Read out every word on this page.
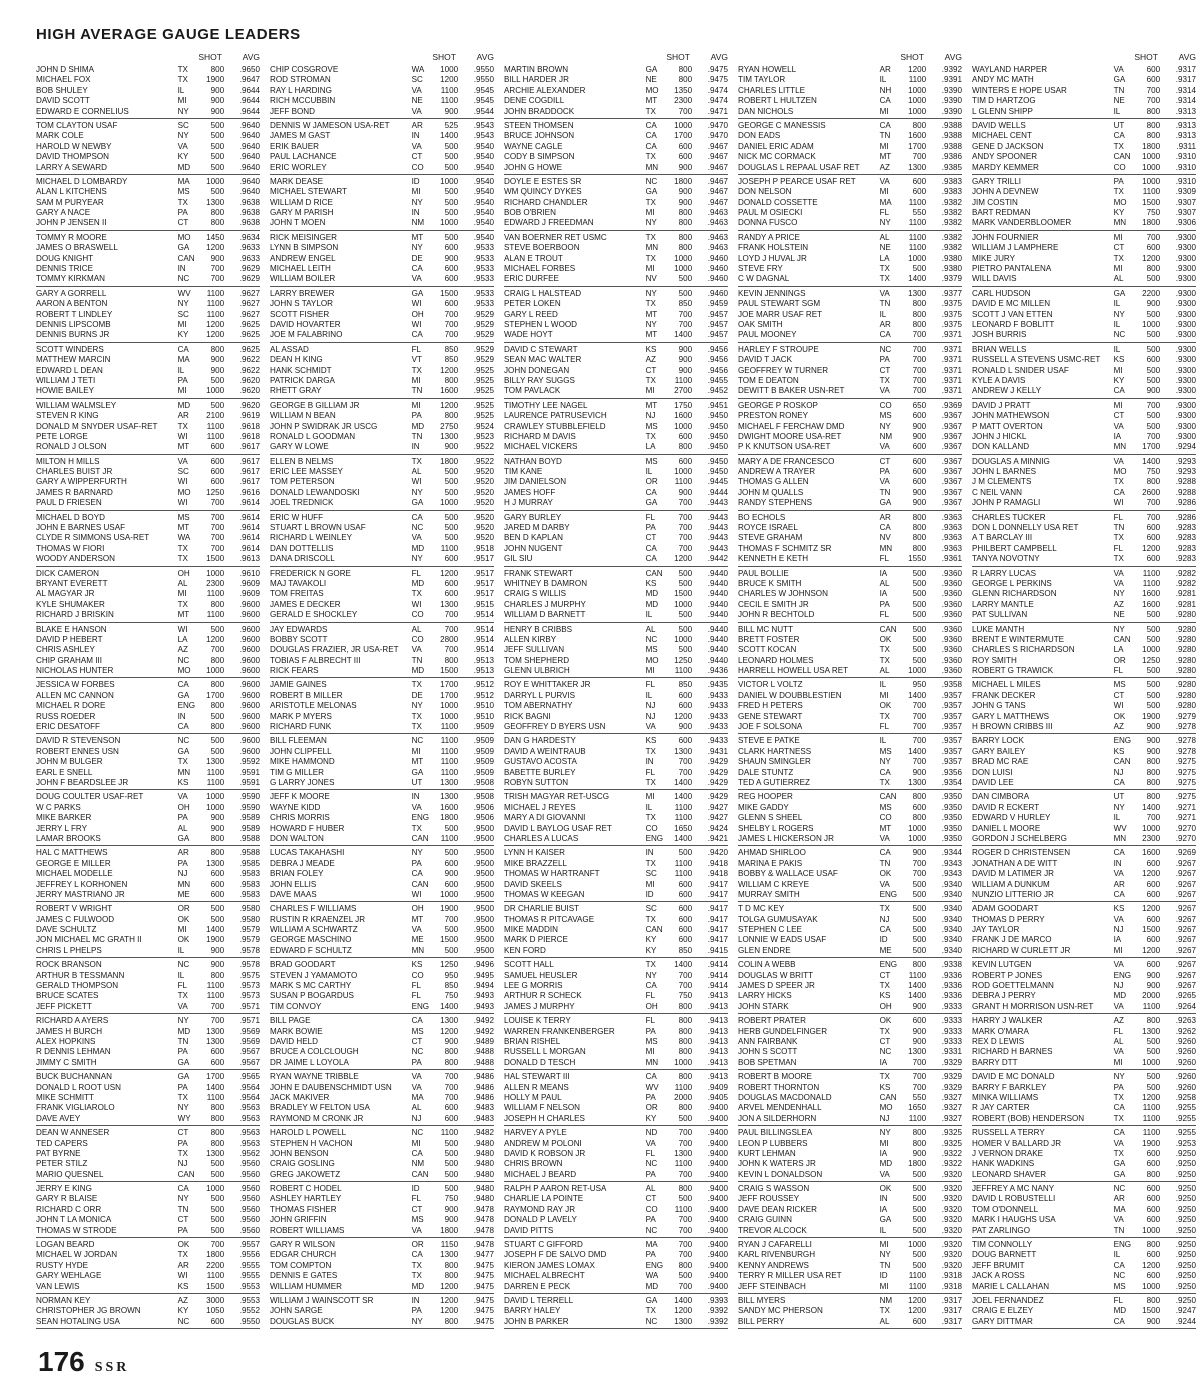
HIGH AVERAGE GAUGE LEADERS
SHOT	AVG
JOHN D SHIMA	TX	800	.9650
MICHAEL FOX	TX	1900	.9647
BOB SHULEY	IL	900	.9644
DAVID SCOTT	MI	900	.9644
EDWARD E CORNELIUS	NY	900	.9644
TOM CLAYTON USAF	SC	500	.9640
MARK COLE	NY	500	.9640
HAROLD W NEWBY	VA	500	.9640
DAVID THOMPSON	KY	500	.9640
LARRY A SEWARD	MD	500	.9640
MICHAEL D LOMBARDY	MA	1000	.9640
ALAN L KITCHENS	MS	500	.9640
SAM M PURYEAR	TX	1300	.9638
GARY A NACE	PA	800	.9638
JOHN P JENSEN II	CT	800	.9638
TOMMY R MOORE	MO	1450	.9634
JAMES O BRASWELL	GA	1200	.9633
DOUG KNIGHT	CAN	900	.9633
DENNIS TRICE	IN	700	.9629
TOMMY KIRKMAN	NC	700	.9629
GARY A GORRELL	WV	1100	.9627
AARON A BENTON	NY	1100	.9627
ROBERT T LINDLEY	SC	1100	.9627
DENNIS LIPSCOMB	MI	1200	.9625
DENNIS BURNS JR	KY	1200	.9625
SCOTT WINDERS	CA	800	.9625
MATTHEW MARCIN	MA	900	.9622
EDWARD L DEAN	IL	900	.9622
WILLIAM J TETI	PA	500	.9620
HOWIE BAILEY	MI	1000	.9620
WILLIAM WALMSLEY	MD	500	.9620
STEVEN R KING	AR	2100	.9619
DONALD M SNYDER USAF-RET	TX	1100	.9618
PETE LORGE	WI	1100	.9618
RONALD J OLSON	MT	600	.9617
MILTON H MILLS	VA	600	.9617
CHARLES BUIST JR	SC	600	.9617
GARY A WIPPERFURTH	WI	600	.9617
JAMES R BARNARD	MO	1250	.9616
PAUL D FRIESEN	WI	700	.9614
MICHAEL D BOYD	MS	700	.9614
JOHN E BARNES USAF	MT	700	.9614
CLYDE R SIMMONS USA-RET	WA	700	.9614
THOMAS W FIORI	TX	700	.9614
WOODY ANDERSON	TX	1500	.9613
DICK CAMERON	OH	1000	.9610
BRYANT EVERETT	AL	2300	.9609
AL MAGYAR JR	MI	1100	.9609
KYLE SHUMAKER	TX	800	.9600
RICHARD J BRISKIN	MT	1100	.9600
BLAKE E HANSON	WI	500	.9600
DAVID P HEBERT	LA	1200	.9600
CHRIS ASHLEY	AZ	700	.9600
CHIP GRAHAM III	NC	800	.9600
NICHOLAS HUNTER	MO	1000	.9600
JESSICA W FORBES	CA	800	.9600
ALLEN MC CANNON	GA	1700	.9600
MICHAEL R DORE	ENG	800	.9600
RUSS ROEDER	IN	500	.9600
ERIC DESATOFF	CA	800	.9600
DAVID R STEVENSON	NC	500	.9600
ROBERT ENNES USN	GA	500	.9600
JOHN M BULGER	TX	1300	.9592
EARL E SNELL	MN	1100	.9591
JOHN F BEARDSLEE JR	KS	1100	.9591
DOUG COULTER USAF-RET	VA	1000	.9590
W C PARKS	OH	1000	.9590
MIKE BARKER	PA	900	.9589
JERRY L FRY	AL	900	.9589
LAMAR BROOKS	GA	800	.9588
HAL C MATTHEWS	AR	800	.9588
GEORGE E MILLER	PA	1300	.9585
MICHAEL MODELLE	NJ	600	.9583
JEFFREY L KORHONEN	MN	600	.9583
JERRY MASTRIANO JR	ME	600	.9583
ROBERT V WRIGHT	OR	500	.9580
JAMES C FULWOOD	OK	500	.9580
DAVE SCHULTZ	MI	1400	.9579
JON MICHAEL MC GRATH II	OK	1900	.9579
CHRIS L PHELPS	IL	900	.9578
ROCK BRANSON	NC	900	.9578
ARTHUR B TESSMANN	IL	800	.9575
GERALD THOMPSON	FL	1100	.9573
BRUCE SCATES	TX	1100	.9573
JEFF PICKETT	VA	700	.9571
RICHARD A AYERS	NY	700	.9571
JAMES H BURCH	MD	1300	.9569
ALEX HOPKINS	TN	1300	.9569
R DENNIS LEHMAN	PA	600	.9567
JIMMY C SMITH	GA	600	.9567
BUCK BUCHANNAN	GA	1700	.9565
DONALD L ROOT USN	PA	1400	.9564
MIKE SCHMITT	TX	1100	.9564
FRANK VIGLIAROLO	NY	800	.9563
DAVE AVEY	WY	800	.9563
DEAN W ANNESER	CT	800	.9563
TED CAPERS	PA	800	.9563
PAT BYRNE	TX	1300	.9562
PETER STILZ	NJ	500	.9560
MARIO QUESNEL	CAN	500	.9560
JERRY E KING	CA	1000	.9560
GARY R BLAISE	NY	500	.9560
RICHARD C ORR	TN	500	.9560
JOHN T LA MONICA	CT	500	.9560
THOMAS W STRODE	PA	500	.9560
LOGAN BEARD	OK	700	.9557
MICHAEL W JORDAN	TX	1800	.9556
RUSTY HYDE	AR	2200	.9555
GARY WEHLAGE	WI	1100	.9555
VAN LEWIS	KS	1500	.9553
NORMAN KEY	AZ	3000	.9553
CHRISTOPHER JG BROWN	KY	1050	.9552
SEAN HOTALING USA	NC	600	.9550
SHOT	AVG
CHIP COSGROVE	WA	1000	.9550
ROD STROMAN	SC	1200	.9550
RAY L HARDING	VA	1100	.9545
RICH MCCUBBIN	NE	1100	.9545
JEFF BOND	VA	900	.9544
DENNIS W JAMESON USA-RET	AR	525	.9543
JAMES M GAST	IN	1400	.9543
ERIK BAUER	VA	500	.9540
PAUL LACHANCE	CT	500	.9540
ERIC WORLEY	CO	500	.9540
MARK DEASE	ID	1000	.9540
MICHAEL STEWART	MI	500	.9540
WILLIAM D RICE	NY	500	.9540
GARY M PARISH	IN	500	.9540
JOHN T MOEN	NM	1000	.9540
RICK MEISINGER	MT	500	.9540
LYNN B SIMPSON	NY	600	.9533
ANDREW ENGEL	DE	900	.9533
MICHAEL LEITH	CA	600	.9533
WILLIAM BOILER	VA	600	.9533
LARRY BREWER	GA	1500	.9533
JOHN S TAYLOR	WI	600	.9533
SCOTT FISHER	OH	700	.9529
DAVID HOVARTER	WI	700	.9529
JOE M FALABRINO	CA	700	.9529
AL ASSAD	FL	850	.9529
DEAN H KING	VT	850	.9529
HANK SCHMIDT	TX	1200	.9525
PATRICK DARGA	MI	800	.9525
RHETT GRAY	TN	1600	.9525
GEORGE B GILLIAM JR	MI	1200	.9525
WILLIAM N BEAN	PA	800	.9525
JOHN P SWIDRAK JR USCG	MD	2750	.9524
RONALD L GOODMAN	TN	1300	.9523
GARY W LOWE	IN	900	.9522
ELLEN B NELMS	TX	1800	.9522
ERIC LEE MASSEY	AL	500	.9520
TOM PETERSON	WI	500	.9520
DONALD LEWANDOSKI	NY	500	.9520
JOEL TREDNICK	GA	1000	.9520
ERIC W HUFF	CA	500	.9520
STUART L BROWN USAF	NC	500	.9520
RICHARD L WEINLEY	VA	500	.9520
DAN DOTTELLIS	MD	1100	.9518
DANA DRISCOLL	NY	600	.9517
FREDERICK N GORE	FL	1200	.9517
MAJ TAVAKOLI	MD	600	.9517
TOM FREITAS	TX	600	.9517
JAMES E DECKER	WI	1300	.9515
GERALD E SHOCKLEY	CO	700	.9514
JAY EDWARDS	AL	700	.9514
BOBBY SCOTT	CO	2800	.9514
DOUGLAS FRAZIER, JR USA-RET	VA	700	.9514
TOBIAS F ALBRECHT III	TN	800	.9513
RICK FEARS	MD	1500	.9513
JAMIE GAINES	TX	1700	.9512
ROBERT B MILLER	DE	1700	.9512
ARISTOTLE MELONAS	NY	1000	.9510
MARK P MYERS	TX	1000	.9510
RICHARD FUNK	TX	1100	.9509
BILL FLEEMAN	NC	1100	.9509
JOHN CLIPFELL	MI	1100	.9509
MIKE HAMMOND	MT	1100	.9509
TIM G MILLER	GA	1100	.9509
G LARRY JONES	UT	1300	.9508
JEFF K MOORE	IN	1300	.9508
WAYNE KIDD	VA	1600	.9506
CHRIS MORRIS	ENG	1800	.9506
HOWARD F HUBER	TX	500	.9500
DON WALTON	CAN	1100	.9500
LUCAS TAKAHASHI	NY	500	.9500
DEBRA J MEADE	PA	600	.9500
BRIAN FOLEY	CA	900	.9500
JOHN ELLIS	CAN	600	.9500
DAVE MAAS	WI	1000	.9500
CHARLES F WILLIAMS	OH	1900	.9500
RUSTIN R KRAENZEL JR	MT	700	.9500
WILLIAM A SCHWARTZ	VA	500	.9500
GEORGE MASCHINO	ME	1500	.9500
EDWARD F SCHULTZ	MN	500	.9500
BRAD GOODART	KS	1250	.9496
STEVEN J YAMAMOTO	CO	950	.9495
MARK S MC CARTHY	FL	850	.9494
SUSAN P BOGARDUS	FL	750	.9493
TIM CONVOY	ENG	1400	.9493
BILL PAGE	CA	1300	.9492
MARK BOWIE	MS	1200	.9492
DAVID HELD	CT	900	.9489
BRUCE A COLCLOUGH	NC	800	.9488
DR JAIME L LOYOLA	PA	800	.9488
RYAN WAYNE TRIBBLE	VA	700	.9486
JOHN E DAUBENSCHMIDT USN	VA	700	.9486
JACK MAKIVER	MA	700	.9486
BRADLEY W FELTON USA	AL	600	.9483
RAYMOND M CRONK JR	NJ	600	.9483
HAROLD L POWELL	NC	1100	.9482
STEPHEN H VACHON	MI	500	.9480
JOHN BENSON	CA	500	.9480
CRAIG GOSLING	NM	500	.9480
GREG JAKOWETZ	CAN	500	.9480
ROBERT C HODEL	ID	500	.9480
ASHLEY HARTLEY	FL	750	.9480
THOMAS FISHER	CT	900	.9478
JOHN GRIFFIN	MS	900	.9478
ROBERT WILLIAMS	VA	1800	.9478
GARY R WILSON	OR	1150	.9478
EDGAR CHURCH	CA	1300	.9477
TOM COMPTON	TX	800	.9475
DENNIS E GATES	TX	800	.9475
WILLIAM HUMMER	MD	1200	.9475
WILLIAM J WAINSCOTT SR	IN	1200	.9475
JOHN SARGE	PA	1200	.9475
DOUGLAS BUCK	NY	800	.9475
SHOT	AVG
MARTIN BROWN	GA	800	.9475
BILL HARDER JR	NE	800	.9475
ARCHIE ALEXANDER	MO	1350	.9474
DENE COGDILL	MT	2300	.9474
JOHN BRADDOCK	TX	700	.9471
STEEN THOMSEN	CA	1000	.9470
BRUCE JOHNSON	CA	1700	.9470
WAYNE CAGLE	CA	600	.9467
CODY B SIMPSON	TX	600	.9467
JOHN G HOWE	MN	900	.9467
DOYLE E ESTES SR	NC	1800	.9467
WM QUINCY DYKES	GA	900	.9467
RICHARD CHANDLER	TX	900	.9467
BOB O'BRIEN	MI	800	.9463
EDWARD J FREEDMAN	NY	800	.9463
VAN BOERNER RET USMC	TX	800	.9463
STEVE BOERBOON	MN	800	.9463
ALAN E TROUT	TX	1000	.9460
MICHAEL FORBES	MI	1000	.9460
ERIC DURFEE	NV	500	.9460
CRAIG L HALSTEAD	NY	500	.9460
PETER LOKEN	TX	850	.9459
GARY L REED	MT	700	.9457
STEPHEN L WOOD	NY	700	.9457
WADE HOYT	MT	1400	.9457
DAVID C STEWART	KS	900	.9456
SEAN MAC WALTER	AZ	900	.9456
JOHN DONEGAN	CT	900	.9456
BILLY RAY SUGGS	TX	1100	.9455
TOM PAVLACK	MI	2700	.9452
TIMOTHY LEE NAGEL	MT	1750	.9451
LAURENCE PATRUSEVICH	NJ	1600	.9450
CRAWLEY STUBBLEFIELD	MS	1000	.9450
RICHARD M DAVIS	TX	600	.9450
MICHAEL VICKERS	LA	800	.9450
NATHAN BOYD	MS	600	.9450
TIM KANE	IL	1000	.9450
JIM DANIELSON	OR	1100	.9445
JAMES HOFF	CA	900	.9444
H J MURRAY	GA	700	.9443
GARY BURLEY	FL	700	.9443
JARED M DARBY	PA	700	.9443
BEN D KAPLAN	CT	700	.9443
JOHN NUGENT	CA	700	.9443
GIL SIU	CA	1200	.9442
FRANK STEWART	CAN	500	.9440
WHITNEY B DAMRON	KS	500	.9440
CRAIG S WILLIS	MD	1500	.9440
CHARLES J MURPHY	MD	1000	.9440
WILLIAM D BARNETT	IL	500	.9440
HENRY B CRIBBS	AL	500	.9440
ALLEN KIRBY	NC	1000	.9440
JEFF SULLIVAN	MS	500	.9440
TOM SHEPHERD	MO	1250	.9440
GLENN ULBRICH	MI	1100	.9436
ROY E WHITTAKER JR	FL	850	.9435
DARRYL L PURVIS	IL	600	.9433
TOM ABERNATHY	NJ	600	.9433
RICK BAGNI	NJ	1200	.9433
GEOFFREY D BYERS USN	VA	900	.9433
DAN G HARDESTY	KS	600	.9433
DAVID A WEINTRAUB	TX	1300	.9431
GUSTAVO ACOSTA	IN	700	.9429
BABETTE BURLEY	FL	700	.9429
ROBYN SUTTON	TX	1400	.9429
TRISH MAGYAR RET-USCG	MI	1400	.9429
MICHAEL J REYES	IL	1100	.9427
MARY A DI GIOVANNI	TX	1100	.9427
DAVID L BAYLOG USAF RET	CO	1650	.9424
CHARLES A LUCAS	ENG	1400	.9421
LYNN H KAISER	IN	500	.9420
MIKE BRAZZELL	TX	1100	.9418
THOMAS W HARTRANFT	SC	1100	.9418
DAVID SKEELS	MI	600	.9417
THOMAS W KEEGAN	ID	600	.9417
DR CHARLIE BUIST	SC	600	.9417
THOMAS R PITCAVAGE	TX	600	.9417
MIKE MADDIN	CAN	600	.9417
MARK D PIERCE	KY	600	.9417
KEN FORD	KY	850	.9415
SCOTT HALL	TX	1400	.9414
SAMUEL HEUSLER	NY	700	.9414
LEE G MORRIS	CA	700	.9414
ARTHUR R SCHECK	FL	750	.9413
JAMES J MURPHY	OH	800	.9413
LOUISE K TERRY	FL	800	.9413
WARREN FRANKENBERGER	PA	800	.9413
BRIAN RISHEL	MS	800	.9413
RUSSELL L MORGAN	MI	800	.9413
DONALD D TESCH	MN	1000	.9413
HAL STEWART III	CA	800	.9413
ALLEN R MEANS	WV	1100	.9409
HOLLY M PAUL	PA	2000	.9405
WILLIAM F NELSON	OR	800	.9400
JOSEPH H CHARLES	KY	500	.9400
HARVEY A PYLE	ND	700	.9400
ANDREW M POLONI	VA	700	.9400
DAVID K ROBSON JR	FL	1300	.9400
CHRIS BROWN	NC	1100	.9400
MICHAEL J BEARD	PA	700	.9400
RALPH P AARON RET-USA	AL	800	.9400
CHARLIE LA POINTE	CT	500	.9400
RAYMOND RAY JR	CO	1100	.9400
DONALD P LAVELY	PA	700	.9400
DAVID PITTS	NC	700	.9400
STUART C GIFFORD	MA	700	.9400
JOSEPH F DE SALVO DMD	PA	700	.9400
KIERON JAMES LOMAX	ENG	800	.9400
MICHAEL ALBRECHT	WA	500	.9400
DARREN E PECK	MD	700	.9400
DAVID L TERRELL	GA	1400	.9393
BARRY HALEY	TX	1200	.9392
JOHN B PARKER	NC	1300	.9392
SHOT	AVG
RYAN HOWELL	AR	1200	.9392
TIM TAYLOR	IL	1100	.9391
CHARLES LITTLE	NH	1000	.9390
ROBERT L HULTZEN	CA	1000	.9390
DAN NICHOLS	MI	1000	.9390
GEORGE C MANESSIS	CA	800	.9388
DON EADS	TN	1600	.9388
DANIEL ERIC ADAM	MI	1700	.9388
NICK MC CORMACK	MT	700	.9386
DOUGLAS L REPAAL USAF RET	AZ	1300	.9385
JOSEPH P PEARCE USAF RET	VA	600	.9383
DON NELSON	MI	600	.9383
DONALD COSSETTE	MA	1100	.9382
PAUL M OSIECKI	FL	550	.9382
DONNA FUSCO	NY	1100	.9382
RANDY A PRICE	AL	1100	.9382
FRANK HOLSTEIN	NE	1100	.9382
LOYD J HUVAL JR	LA	1000	.9380
STEVE FRY	TX	500	.9380
C W DAGNAL	TX	1400	.9379
KEVIN JENNINGS	VA	1300	.9377
PAUL STEWART SGM	TN	800	.9375
JOE MARR USAF RET	IL	800	.9375
OAK SMITH	AR	800	.9375
PAUL MOONEY	CA	700	.9371
HARLEY F STROUPE	NC	700	.9371
DAVID T JACK	PA	700	.9371
GEOFFREY W TURNER	CT	700	.9371
TOM E DEATON	TX	700	.9371
DEWITT B BAKER USN-RET	VA	700	.9371
GEORGE P ROSKOP	CO	650	.9369
PRESTON RONEY	MS	600	.9367
MICHAEL F FERCHAW DMD	NY	900	.9367
DWIGHT MOORE USA-RET	NM	900	.9367
P K KNUTSON USA-RET	VA	600	.9367
MARY A DE FRANCESCO	CT	600	.9367
ANDREW A TRAYER	PA	600	.9367
THOMAS G ALLEN	VA	600	.9367
JOHN M QUALLS	TN	900	.9367
RANDY STEPHENS	GA	900	.9367
BO ECHOLS	AR	800	.9363
ROYCE ISRAEL	CA	800	.9363
STEVE GRAHAM	NV	800	.9363
THOMAS F SCHMITZ SR	MN	800	.9363
KENNETH E KETH	FL	1550	.9361
PAUL BOLLIE	IA	500	.9360
BRUCE K SMITH	AL	500	.9360
CHARLES W JOHNSON	IA	500	.9360
CECIL E SMITH JR	PA	500	.9360
JOHN R BECHTOLD	FL	500	.9360
BILL MC NUTT	CAN	500	.9360
BRETT FOSTER	OK	500	.9360
SCOTT KOCAN	TX	500	.9360
LEONARD HOLMES	TX	500	.9360
HARRELL HOWELL USA RET	AL	1000	.9360
VICTOR L VOLTZ	IL	950	.9358
DANIEL W DOUBBLESTIEN	MI	1400	.9357
FRED H PETERS	OK	700	.9357
GENE STEWART	TX	700	.9357
JOE F SOLSONA	FL	700	.9357
STEVE E PATKE	IL	700	.9357
CLARK HARTNESS	MS	1400	.9357
SHAUN SMINGLER	NY	700	.9357
DALE STUNTZ	CA	900	.9356
TED A GUTIERREZ	TX	1300	.9354
REG HOOPER	CAN	800	.9350
MIKE GADDY	MS	600	.9350
GLENN S SHEEL	CO	800	.9350
SHELBY L ROGERS	MT	1000	.9350
JAMES L HICKERSON JR	VA	1000	.9350
AHMAD SHIRLOO	CA	900	.9344
MARINA E PAKIS	TN	700	.9343
BOBBY & WALLACE USAF	OK	700	.9343
WILLIAM C KREYE	VA	500	.9340
MURRAY SMITH	ENG	500	.9340
T D MC KEY	TX	500	.9340
TOLGA GUMUSAYAK	NJ	500	.9340
STEPHEN C LEE	CA	500	.9340
LONNIE W EADS USAF	ID	500	.9340
GLEN ENDRE	ME	500	.9340
COLIN A WEBB	ENG	800	.9338
DOUGLAS W BRITT	CT	1100	.9336
JAMES D SPEER JR	TX	1400	.9336
LARRY HICKS	KS	1400	.9336
JOHN STARK	OH	900	.9333
ROBERT PRATER	OK	600	.9333
HERB GUNDELFINGER	TX	900	.9333
ANN FAIRBANK	CT	900	.9333
JOHN S SCOTT	NC	1300	.9331
BOB SPETMAN	IA	700	.9329
ROBERT B MOORE	TX	700	.9329
ROBERT THORNTON	KS	700	.9329
DOUGLAS MACDONALD	CAN	550	.9327
ARVEL MENDENHALL	MO	1650	.9327
JON A SILDERHORN	NJ	1100	.9327
PAUL BILLINGSLEA	NY	800	.9325
LEON P LUBBERS	MI	800	.9325
KURT LEHMAN	IA	900	.9322
JOHN K WATERS JR	MD	1800	.9322
KEVIN L DONALDSON	VA	500	.9320
CRAIG S WASSON	OK	500	.9320
JEFF ROUSSEY	IN	500	.9320
DAVE DEAN RICKER	IA	500	.9320
CRAIG GUINN	GA	500	.9320
TREVOR ALCOCK	IL	500	.9320
RYAN J CAFARELLI	MI	1000	.9320
KARL RIVENBURGH	NY	500	.9320
KENNY ANDREWS	TN	500	.9320
TERRY R MILLER USA RET	ID	1100	.9318
JEFF STEINBACH	MI	1100	.9318
BILL MYERS	NM	1200	.9317
SANDY MC PHERSON	TX	1200	.9317
BILL PERRY	AL	600	.9317
SHOT	AVG
WAYLAND HARPER	VA	600	.9317
ANDY MC MATH	GA	600	.9317
WINTERS E HOPE USAR	TN	700	.9314
TIM D HARTZOG	NE	700	.9314
L GLENN SHIPP	IL	800	.9313
DAVID WELLS	UT	800	.9313
MICHAEL CENT	CA	800	.9313
GENE D JACKSON	TX	1800	.9311
ANDY SPOONER	CAN	1000	.9310
MARDY KEMMER	CO	1000	.9310
GARY TRILLI	PA	1000	.9310
JOHN A DEVNEW	TX	1100	.9309
JIM COSTIN	MO	1500	.9307
BART REDMAN	KY	750	.9307
MARK VANDERBLOOMER	MN	1800	.9306
JOHN FOURNIER	MI	700	.9300
WILLIAM J LAMPHERE	CT	600	.9300
MIKE JURY	TX	1200	.9300
PIETRO PANTALENA	MI	800	.9300
WILL DAVIS	AL	500	.9300
CARL HUDSON	GA	2200	.9300
DAVID E MC MILLEN	IL	900	.9300
SCOTT J VAN ETTEN	NY	500	.9300
LEONARD F BOBLITT	IL	1000	.9300
JOSH BURRIS	NC	500	.9300
BRIAN WELLS	IL	500	.9300
RUSSELL A STEVENS USMC-RET	KS	600	.9300
RONALD L SNIDER USAF	MI	500	.9300
KYLE A DAVIS	KY	500	.9300
ANDREW J KELLY	CA	900	.9300
DAVID J PRATT	MI	700	.9300
JOHN MATHEWSON	CT	500	.9300
P MATT OVERTON	VA	500	.9300
JOHN J HICKL	IA	700	.9300
DON KALLAND	MN	1700	.9294
DOUGLAS A MINNIG	VA	1400	.9293
JOHN L BARNES	MO	750	.9293
J M CLEMENTS	TX	800	.9288
C NEIL VANN	CA	2600	.9288
JOHN P RAMAGLI	WI	700	.9286
CHARLES TUCKER	FL	700	.9286
DON L DONNELLY USA RET	TN	600	.9283
A T BARCLAY III	TX	600	.9283
PHILBERT CAMPBELL	FL	1200	.9283
TANYA NOVOTNY	TX	600	.9283
R LARRY LUCAS	VA	1100	.9282
GEORGE L PERKINS	VA	1100	.9282
GLENN RICHARDSON	NY	1600	.9281
LARRY MANTLE	AZ	1600	.9281
PAT SULLIVAN	NE	500	.9280
LUKE MANTH	NY	500	.9280
BRENT E WINTERMUTE	CAN	500	.9280
CHARLES S RICHARDSON	LA	1000	.9280
ROY SMITH	OR	1250	.9280
ROBERT G TRAWICK	FL	500	.9280
MICHAEL L MILES	MS	500	.9280
FRANK DECKER	CT	500	.9280
JOHN G TANS	WI	500	.9280
GARY L MATTHEWS	OK	1900	.9279
H BROWN CRIBBS III	AZ	900	.9278
BARRY LOCK	ENG	900	.9278
GARY BAILEY	KS	900	.9278
BRAD MC RAE	CAN	800	.9275
DON LUISI	NJ	800	.9275
DAVID LEE	CA	800	.9275
DAN CIMBORA	UT	800	.9275
DAVID R ECKERT	NY	1400	.9271
EDWARD V HURLEY	IL	700	.9271
DANIEL L MOORE	WV	1000	.9270
GORDON J SCHELBERG	MN	2300	.9270
ROGER D CHRISTENSEN	CA	1600	.9269
JONATHAN A DE WITT	IN	600	.9267
DAVID M LATIMER JR	VA	1200	.9267
WILLIAM A DUNKUM	AR	600	.9267
NUNZIO LITTERIO JR	CA	600	.9267
ADAM GOODART	KS	1200	.9267
THOMAS D PERRY	VA	600	.9267
JAY TAYLOR	NJ	1500	.9267
FRANK J DE MARCO	IA	600	.9267
RICHARD W CURLETT JR	MI	1200	.9267
KEVIN LUTGEN	VA	600	.9267
ROBERT P JONES	ENG	900	.9267
ROD GOETTELMANN	NJ	900	.9267
DEBRA J PERRY	MD	2000	.9265
GRANT H MORRISON USN-RET	VA	1100	.9264
HARRY J WALKER	AZ	800	.9263
MARK O'MARA	FL	1300	.9262
REX D LEWIS	AL	500	.9260
RICHARD H BARNES	VA	500	.9260
BARRY DTT	MI	1000	.9260
DAVID E MC DONALD	NY	500	.9260
BARRY F BARKLEY	PA	500	.9260
MINKA WILLIAMS	TX	1200	.9258
R JAY CARTER	CA	1100	.9255
ROBERT (BOB) HENDERSON	TX	1100	.9255
RUSSELL A TERRY	CA	1100	.9255
HOMER V BALLARD JR	VA	1900	.9253
J VERNON DRAKE	TX	600	.9250
HANK WADKINS	GA	600	.9250
LEONARD SHAVER	GA	800	.9250
JEFFREY A MC NANY	NC	600	.9250
DAVID L ROBUSTELLI	AR	600	.9250
TOM O'DONNELL	MA	600	.9250
MARK I HAUGHS USA	VA	600	.9250
PAT ZARLINGO	TN	1000	.9250
TIM CONNOLLY	ENG	800	.9250
DOUG BARNETT	IL	600	.9250
JEFF BRUMIT	CA	1200	.9250
JACK A ROSS	NC	600	.9250
MARIE L CALLAHAN	MS	1000	.9250
JOEL FERNANDEZ	FL	800	.9250
CRAIG E ELZEY	MD	1500	.9247
GARY DITTMAR	CA	900	.9244
176 SSR
